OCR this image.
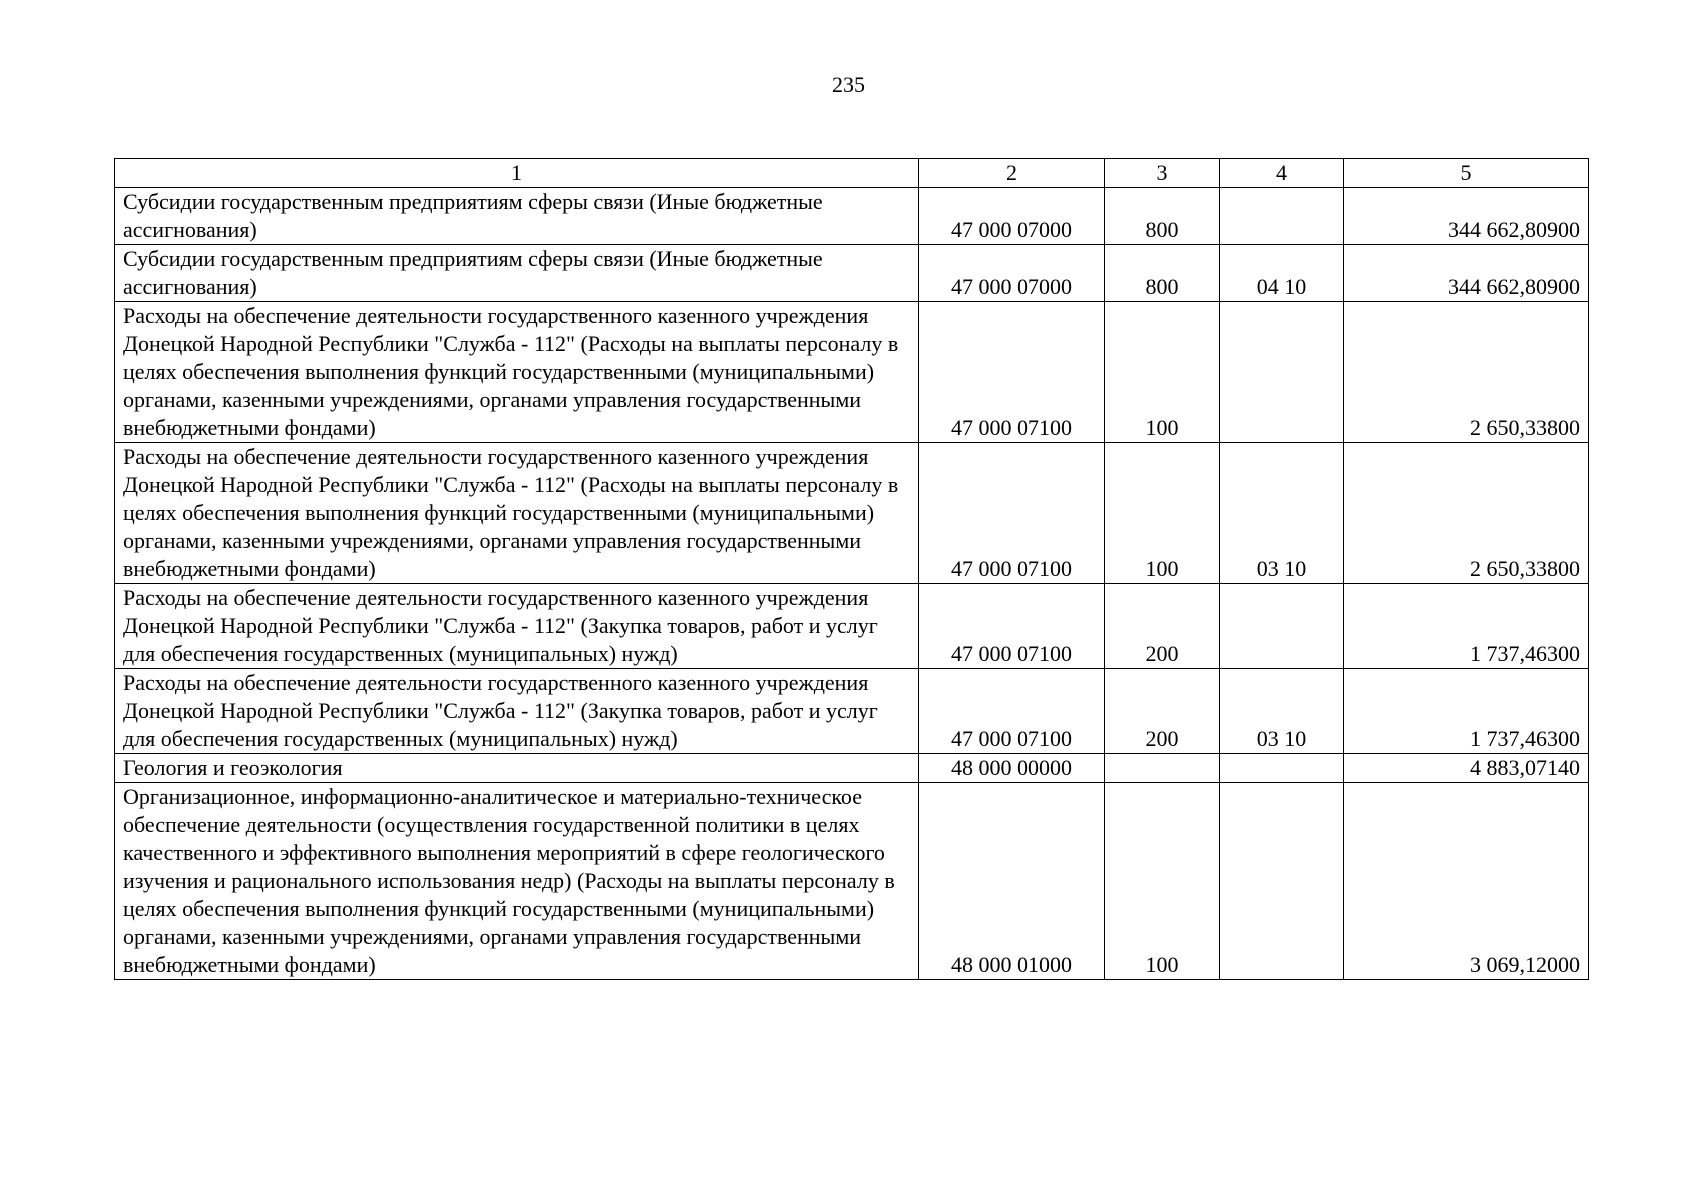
235
1	2	3	4	5
Субсидии государственным предприятиям сферы связи (Иные бюджетные ассигнования)	47 000 07000	800		344 662,80900
Субсидии государственным предприятиям сферы связи (Иные бюджетные ассигнования)	47 000 07000	800	04 10	344 662,80900
Расходы на обеспечение деятельности государственного казенного учреждения Донецкой Народной Республики "Служба - 112" (Расходы на выплаты персоналу в целях обеспечения выполнения функций государственными (муниципальными) органами, казенными учреждениями, органами управления государственными внебюджетными фондами)	47 000 07100	100		2 650,33800
Расходы на обеспечение деятельности государственного казенного учреждения Донецкой Народной Республики "Служба - 112" (Расходы на выплаты персоналу в целях обеспечения выполнения функций государственными (муниципальными) органами, казенными учреждениями, органами управления государственными внебюджетными фондами)	47 000 07100	100	03 10	2 650,33800
Расходы на обеспечение деятельности государственного казенного учреждения Донецкой Народной Республики "Служба - 112" (Закупка товаров, работ и услуг для обеспечения государственных (муниципальных) нужд)	47 000 07100	200		1 737,46300
Расходы на обеспечение деятельности государственного казенного учреждения Донецкой Народной Республики "Служба - 112" (Закупка товаров, работ и услуг для обеспечения государственных (муниципальных) нужд)	47 000 07100	200	03 10	1 737,46300
Геология и геоэкология	48 000 00000			4 883,07140
Организационное, информационно-аналитическое и материально-техническое обеспечение деятельности (осуществления государственной политики в целях качественного и эффективного выполнения мероприятий в сфере геологического изучения и рационального использования недр) (Расходы на выплаты персоналу в целях обеспечения выполнения функций государственными (муниципальными) органами, казенными учреждениями, органами управления государственными внебюджетными фондами)	48 000 01000	100		3 069,12000
